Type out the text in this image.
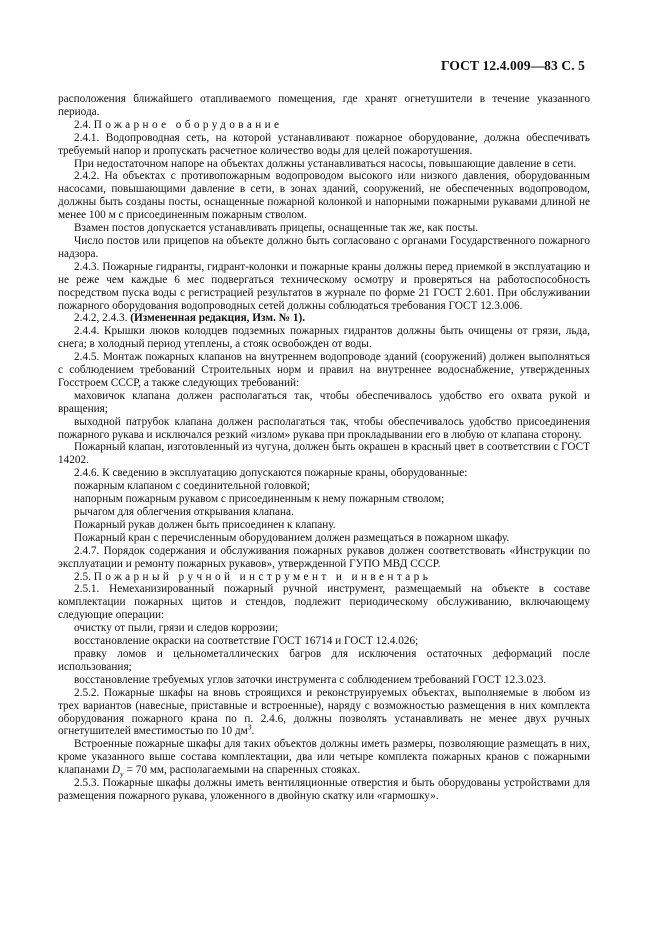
ГОСТ 12.4.009—83 С. 5

расположения ближайшего отапливаемого помещения, где хранят огнетушители в течение указанного периода.

2.4. Пожарное оборудование

2.4.1. Водопроводная сеть, на которой устанавливают пожарное оборудование, должна обеспечивать требуемый напор и пропускать расчетное количество воды для целей пожаротушения.

При недостаточном напоре на объектах должны устанавливаться насосы, повышающие давление в сети.

2.4.2. На объектах с противопожарным водопроводом высокого или низкого давления, оборудованным насосами, повышающими давление в сети, в зонах зданий, сооружений, не обеспеченных водопроводом, должны быть созданы посты, оснащенные пожарной колонкой и напорными пожарными рукавами длиной не менее 100 м с присоединенным пожарным стволом.

Взамен постов допускается устанавливать прицепы, оснащенные так же, как посты.

Число постов или прицепов на объекте должно быть согласовано с органами Государственного пожарного надзора.

2.4.3. Пожарные гидранты, гидрант-колонки и пожарные краны должны перед приемкой в эксплуатацию и не реже чем каждые 6 мес подвергаться техническому осмотру и проверяться на работоспособность посредством пуска воды с регистрацией результатов в журнале по форме 21 ГОСТ 2.601. При обслуживании пожарного оборудования водопроводных сетей должны соблюдаться требования ГОСТ 12.3.006.

2.4.2, 2.4.3. (Измененная редакция, Изм. № 1).

2.4.4. Крышки люков колодцев подземных пожарных гидрантов должны быть очищены от грязи, льда, снега; в холодный период утеплены, а стояк освобожден от воды.

2.4.5. Монтаж пожарных клапанов на внутреннем водопроводе зданий (сооружений) должен выполняться с соблюдением требований Строительных норм и правил на внутреннее водоснабжение, утвержденных Госстроем СССР, а также следующих требований:

маховичок клапана должен располагаться так, чтобы обеспечивалось удобство его охвата рукой и вращения;

выходной патрубок клапана должен располагаться так, чтобы обеспечивалось удобство присоединения пожарного рукава и исключался резкий «излом» рукава при прокладывании его в любую от клапана сторону.

Пожарный клапан, изготовленный из чугуна, должен быть окрашен в красный цвет в соответствии с ГОСТ 14202.

2.4.6. К сведению в эксплуатацию допускаются пожарные краны, оборудованные:

пожарным клапаном с соединительной головкой;

напорным пожарным рукавом с присоединенным к нему пожарным стволом;

рычагом для облегчения открывания клапана.

Пожарный рукав должен быть присоединен к клапану.

Пожарный кран с перечисленным оборудованием должен размещаться в пожарном шкафу.

2.4.7. Порядок содержания и обслуживания пожарных рукавов должен соответствовать «Инструкции по эксплуатации и ремонту пожарных рукавов», утвержденной ГУПО МВД СССР.

2.5. Пожарный ручной инструмент и инвентарь

2.5.1. Немеханизированный пожарный ручной инструмент, размещаемый на объекте в составе комплектации пожарных щитов и стендов, подлежит периодическому обслуживанию, включающему следующие операции:

очистку от пыли, грязи и следов коррозии;

восстановление окраски на соответствие ГОСТ 16714 и ГОСТ 12.4.026;

правку ломов и цельнометаллических багров для исключения остаточных деформаций после использования;

восстановление требуемых углов заточки инструмента с соблюдением требований ГОСТ 12.3.023.

2.5.2. Пожарные шкафы на вновь строящихся и реконструируемых объектах, выполняемые в любом из трех вариантов (навесные, приставные и встроенные), наряду с возможностью размещения в них комплекта оборудования пожарного крана по п. 2.4.6, должны позволять устанавливать не менее двух ручных огнетушителей вместимостью по 10 $дм^3$.

Встроенные пожарные шкафы для таких объектов должны иметь размеры, позволяющие размещать в них, кроме указанного выше состава комплектации, два или четыре комплекта пожарных кранов с пожарными клапанами $D_y = 70$ мм, располагаемыми на спаренных стояках.

2.5.3. Пожарные шкафы должны иметь вентиляционные отверстия и быть оборудованы устройствами для размещения пожарного рукава, уложенного в двойную скатку или «гармошку».
